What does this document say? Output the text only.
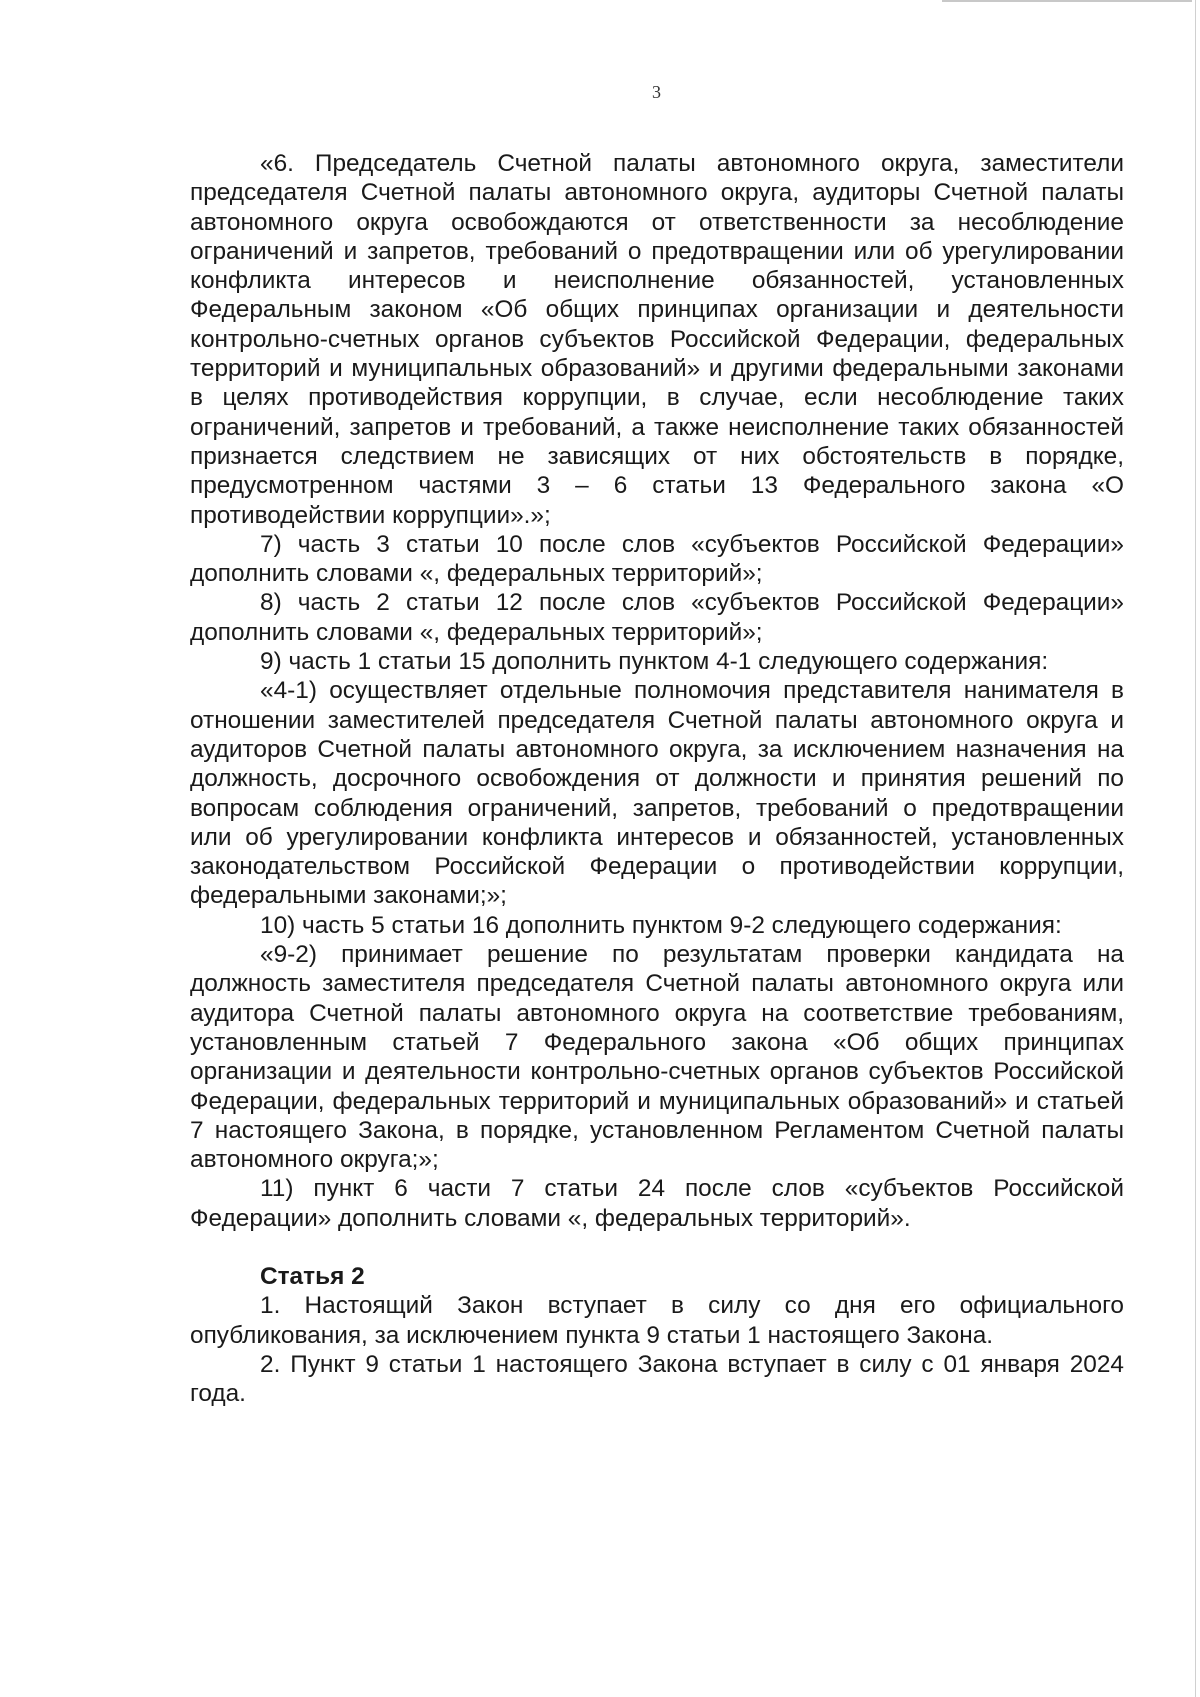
3

«6. Председатель Счетной палаты автономного округа, заместители председателя Счетной палаты автономного округа, аудиторы Счетной палаты автономного округа освобождаются от ответственности за несоблюдение ограничений и запретов, требований о предотвращении или об урегулировании конфликта интересов и неисполнение обязанностей, установленных Федеральным законом «Об общих принципах организации и деятельности контрольно-счетных органов субъектов Российской Федерации, федеральных территорий и муниципальных образований» и другими федеральными законами в целях противодействия коррупции, в случае, если несоблюдение таких ограничений, запретов и требований, а также неисполнение таких обязанностей признается следствием не зависящих от них обстоятельств в порядке, предусмотренном частями 3 – 6 статьи 13 Федерального закона «О противодействии коррупции».»;

7) часть 3 статьи 10 после слов «субъектов Российской Федерации» дополнить словами «, федеральных территорий»;

8) часть 2 статьи 12 после слов «субъектов Российской Федерации» дополнить словами «, федеральных территорий»;

9) часть 1 статьи 15 дополнить пунктом 4-1 следующего содержания:

«4-1) осуществляет отдельные полномочия представителя нанимателя в отношении заместителей председателя Счетной палаты автономного округа и аудиторов Счетной палаты автономного округа, за исключением назначения на должность, досрочного освобождения от должности и принятия решений по вопросам соблюдения ограничений, запретов, требований о предотвращении или об урегулировании конфликта интересов и обязанностей, установленных законодательством Российской Федерации о противодействии коррупции, федеральными законами;»;

10) часть 5 статьи 16 дополнить пунктом 9-2 следующего содержания:

«9-2) принимает решение по результатам проверки кандидата на должность заместителя председателя Счетной палаты автономного округа или аудитора Счетной палаты автономного округа на соответствие требованиям, установленным статьей 7 Федерального закона «Об общих принципах организации и деятельности контрольно-счетных органов субъектов Российской Федерации, федеральных территорий и муниципальных образований» и статьей 7 настоящего Закона, в порядке, установленном Регламентом Счетной палаты автономного округа;»;

11) пункт 6 части 7 статьи 24 после слов «субъектов Российской Федерации» дополнить словами «, федеральных территорий».

Статья 2

1. Настоящий Закон вступает в силу со дня его официального опубликования, за исключением пункта 9 статьи 1 настоящего Закона.

2. Пункт 9 статьи 1 настоящего Закона вступает в силу с 01 января 2024 года.
